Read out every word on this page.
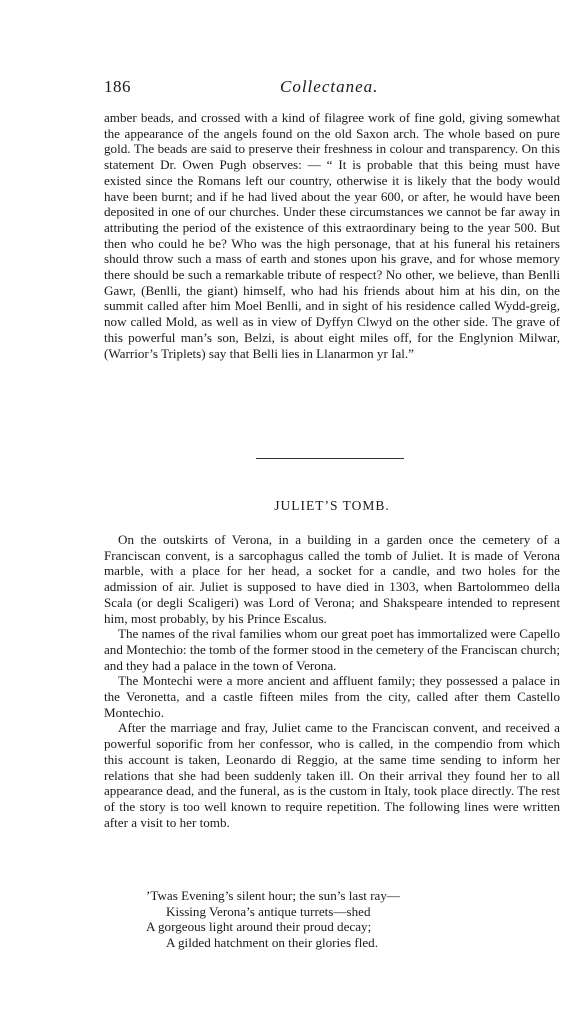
186	Collectanea.

amber beads, and crossed with a kind of filagree work of fine gold, giving somewhat the appearance of the angels found on the old Saxon arch. The whole based on pure gold. The beads are said to preserve their freshness in colour and transparency. On this statement Dr. Owen Pugh observes: — “ It is probable that this being must have existed since the Romans left our country, otherwise it is likely that the body would have been burnt; and if he had lived about the year 600, or after, he would have been deposited in one of our churches. Under these circumstances we cannot be far away in attributing the period of the existence of this extraordinary being to the year 500. But then who could he be? Who was the high personage, that at his funeral his retainers should throw such a mass of earth and stones upon his grave, and for whose memory there should be such a remarkable tribute of respect? No other, we believe, than Benlli Gawr, (Benlli, the giant) himself, who had his friends about him at his din, on the summit called after him Moel Benlli, and in sight of his residence called Wydd-greig, now called Mold, as well as in view of Dyffyn Clwyd on the other side. The grave of this powerful man’s son, Belzi, is about eight miles off, for the Englynion Milwar, (Warrior’s Triplets) say that Belli lies in Llanarmon yr Ial.”

JULIET’S TOMB.

On the outskirts of Verona, in a building in a garden once the cemetery of a Franciscan convent, is a sarcophagus called the tomb of Juliet. It is made of Verona marble, with a place for her head, a socket for a candle, and two holes for the admission of air. Juliet is supposed to have died in 1303, when Bartolommeo della Scala (or degli Scaligeri) was Lord of Verona; and Shakspeare intended to represent him, most probably, by his Prince Escalus.

The names of the rival families whom our great poet has immortalized were Capello and Montechio: the tomb of the former stood in the cemetery of the Franciscan church; and they had a palace in the town of Verona.

The Montechi were a more ancient and affluent family; they possessed a palace in the Veronetta, and a castle fifteen miles from the city, called after them Castello Montechio.

After the marriage and fray, Juliet came to the Franciscan convent, and received a powerful soporific from her confessor, who is called, in the compendio from which this account is taken, Leonardo di Reggio, at the same time sending to inform her relations that she had been suddenly taken ill. On their arrival they found her to all appearance dead, and the funeral, as is the custom in Italy, took place directly. The rest of the story is too well known to require repetition. The following lines were written after a visit to her tomb.

’Twas Evening’s silent hour; the sun’s last ray—
Kissing Verona’s antique turrets—shed
A gorgeous light around their proud decay;
A gilded hatchment on their glories fled.
